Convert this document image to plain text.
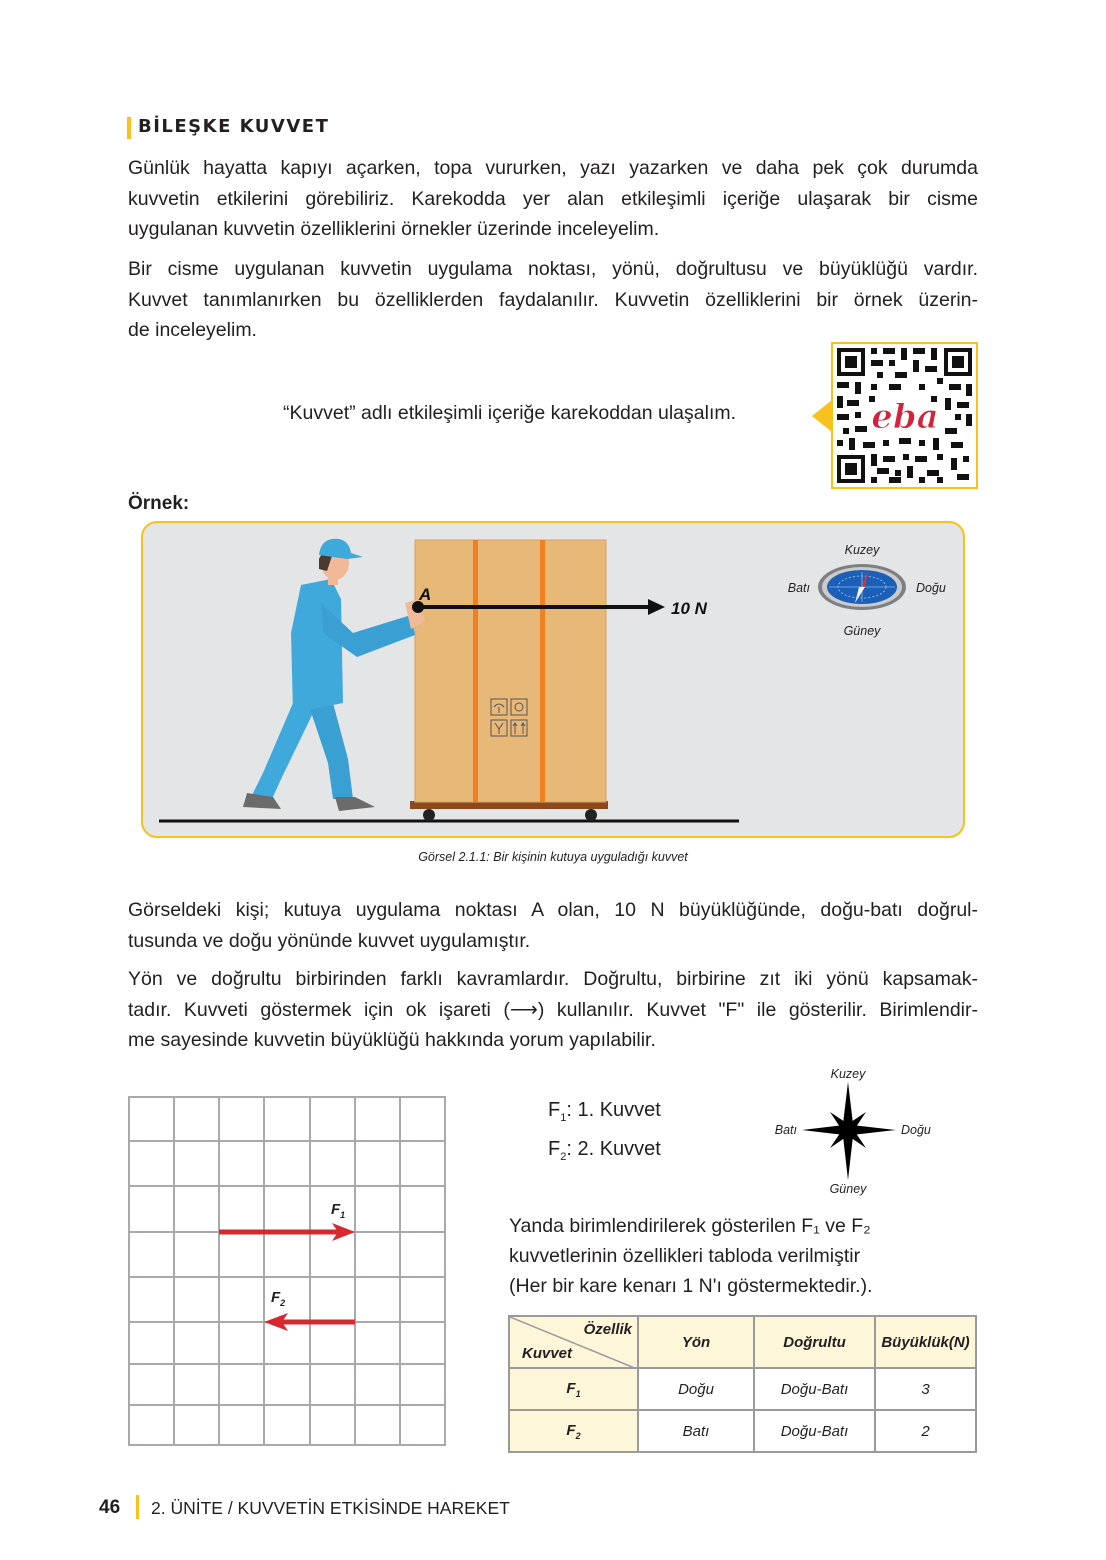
BİLEŞKE KUVVET
Günlük hayatta kapıyı açarken, topa vururken, yazı yazarken ve daha pek çok durumda
kuvvetin etkilerini görebiliriz. Karekodda yer alan etkileşimli içeriğe ulaşarak bir cisme
uygulanan kuvvetin özelliklerini örnekler üzerinde inceleyelim.
Bir cisme uygulanan kuvvetin uygulama noktası, yönü, doğrultusu ve büyüklüğü vardır.
Kuvvet tanımlanırken bu özelliklerden faydalanılır. Kuvvetin özelliklerini bir örnek üzerin-
de inceleyelim.
“Kuvvet” adlı etkileşimli içeriğe karekoddan ulaşalım.	eba
Örnek:
A
10 N
Kuzey
Güney
Batı	Doğu
Görsel 2.1.1: Bir kişinin kutuya uyguladığı kuvvet
Görseldeki kişi; kutuya uygulama noktası A olan, 10 N büyüklüğünde, doğu-batı doğrul-
tusunda ve doğu yönünde kuvvet uygulamıştır.
Yön ve doğrultu birbirinden farklı kavramlardır. Doğrultu, birbirine zıt iki yönü kapsamak-
tadır. Kuvveti göstermek için ok işareti (⟶) kullanılır. Kuvvet "F" ile gösterilir. Birimlendir-
me sayesinde kuvvetin büyüklüğü hakkında yorum yapılabilir.
$F_1$
$F_2$
$F_1$: 1. Kuvvet
$F_2$: 2. Kuvvet
Kuzey
Güney
Batı	Doğu
Yanda birimlendirilerek gösterilen F₁ ve F₂
kuvvetlerinin özellikleri tabloda verilmiştir
(Her bir kare kenarı 1 N'ı göstermektedir.).
Özellik
Kuvvet	Yön	Doğrultu	Büyüklük(N)
$F_1$	Doğu	Doğu-Batı	3
$F_2$	Batı	Doğu-Batı	2
46 2. ÜNİTE / KUVVETİN ETKİSİNDE HAREKET
